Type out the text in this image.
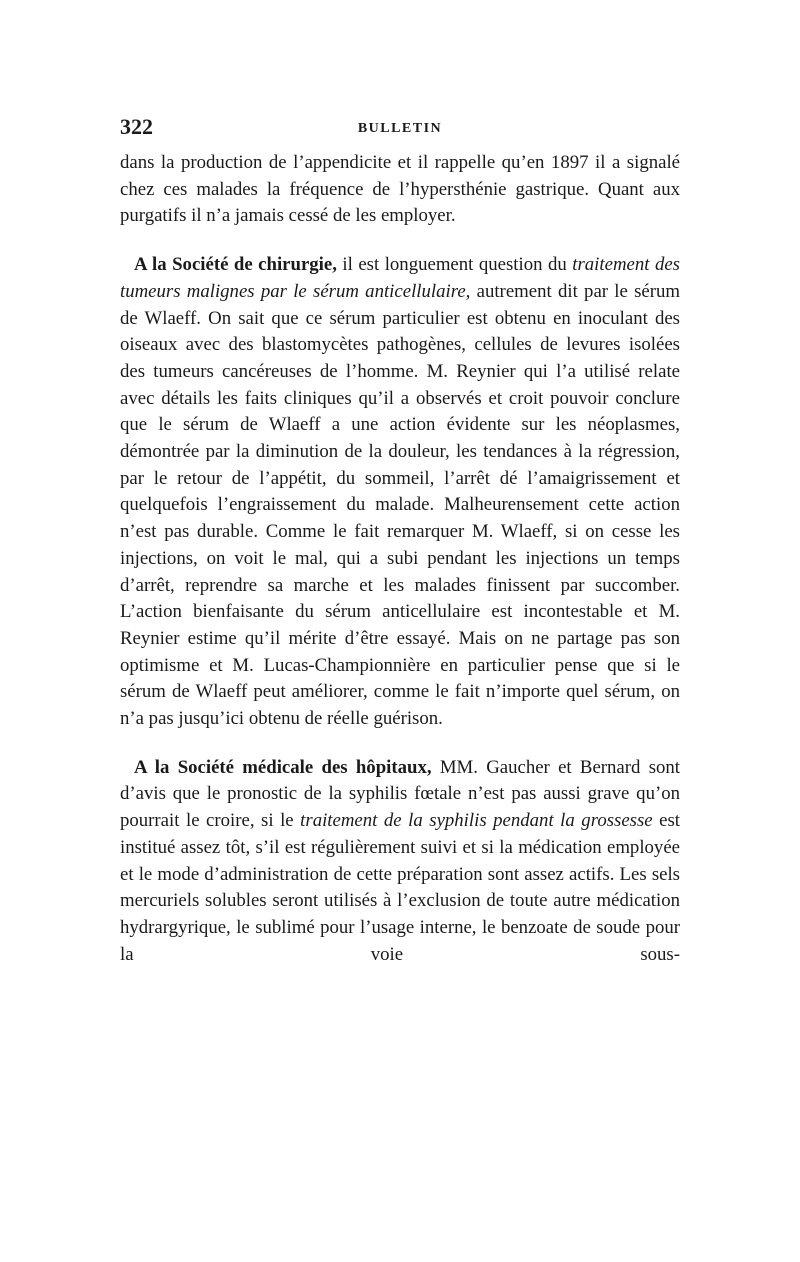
322	BULLETIN

dans la production de l’appendicite et il rappelle qu’en 1897 il a signalé chez ces malades la fréquence de l’hypersthénie gastrique. Quant aux purgatifs il n’a jamais cessé de les employer.

A la Société de chirurgie, il est longuement question du traitement des tumeurs malignes par le sérum anticellulaire, autrement dit par le sérum de Wlaeff. On sait que ce sérum particulier est obtenu en inoculant des oiseaux avec des blastomycètes pathogènes, cellules de levures isolées des tumeurs cancéreuses de l’homme. M. Reynier qui l’a utilisé relate avec détails les faits cliniques qu’il a observés et croit pouvoir conclure que le sérum de Wlaeff a une action évidente sur les néoplasmes, démontrée par la diminution de la douleur, les tendances à la régression, par le retour de l’appétit, du sommeil, l’arrêt dé l’amaigrissement et quelquefois l’engraissement du malade. Malheurensement cette action n’est pas durable. Comme le fait remarquer M. Wlaeff, si on cesse les injections, on voit le mal, qui a subi pendant les injections un temps d’arrêt, reprendre sa marche et les malades finissent par succomber. L’action bienfaisante du sérum anticellulaire est incontestable et M. Reynier estime qu’il mérite d’être essayé. Mais on ne partage pas son optimisme et M. Lucas-Championnière en particulier pense que si le sérum de Wlaeff peut améliorer, comme le fait n’importe quel sérum, on n’a pas jusqu’ici obtenu de réelle guérison.

A la Société médicale des hôpitaux, MM. Gaucher et Bernard sont d’avis que le pronostic de la syphilis fœtale n’est pas aussi grave qu’on pourrait le croire, si le traitement de la syphilis pendant la grossesse est institué assez tôt, s’il est régulièrement suivi et si la médication employée et le mode d’administration de cette préparation sont assez actifs. Les sels mercuriels solubles seront utilisés à l’exclusion de toute autre médication hydrargyrique, le sublimé pour l’usage interne, le benzoate de soude pour la voie sous-
